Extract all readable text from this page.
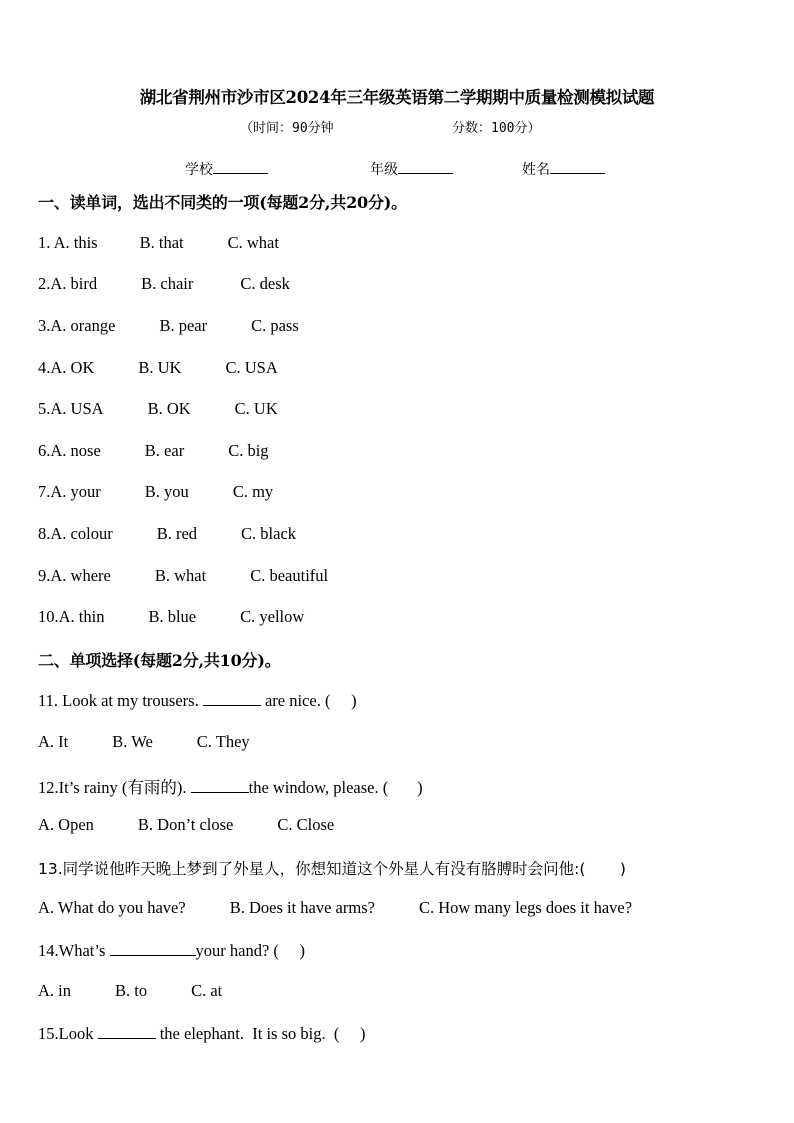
湖北省荆州市沙市区2024年三年级英语第二学期期中质量检测模拟试题
（时间：90分钟	分数：100分）
学校	年级	姓名
一、读单词，选出不同类的一项(每题2分,共20分)。
1. A. this	B. that	C. what
2.A. bird	B. chair	C. desk
3.A. orange	B. pear	C. pass
4.A. OK	B. UK	C. USA
5.A. USA	B. OK	C. UK
6.A. nose	B. ear	C. big
7.A. your	B. you	C. my
8.A. colour	B. red	C. black
9.A. where	B. what	C. beautiful
10.A. thin	B. blue	C. yellow
二、单项选择(每题2分,共10分)。
11. Look at my trousers.	are nice. (     )
A. It	B. We	C. They
12.It’s rainy (有雨的).	the window, please. (       )
A. Open	B. Don’t close	C. Close
13.同学说他昨天晚上梦到了外星人，你想知道这个外星人有没有胳膊时会问他:(       )
A. What do you have?	B. Does it have arms?	C. How many legs does it have?
14.What’s	your hand? (     )
A. in	B. to	C. at
15.Look	the elephant.  It is so big.  (     )
